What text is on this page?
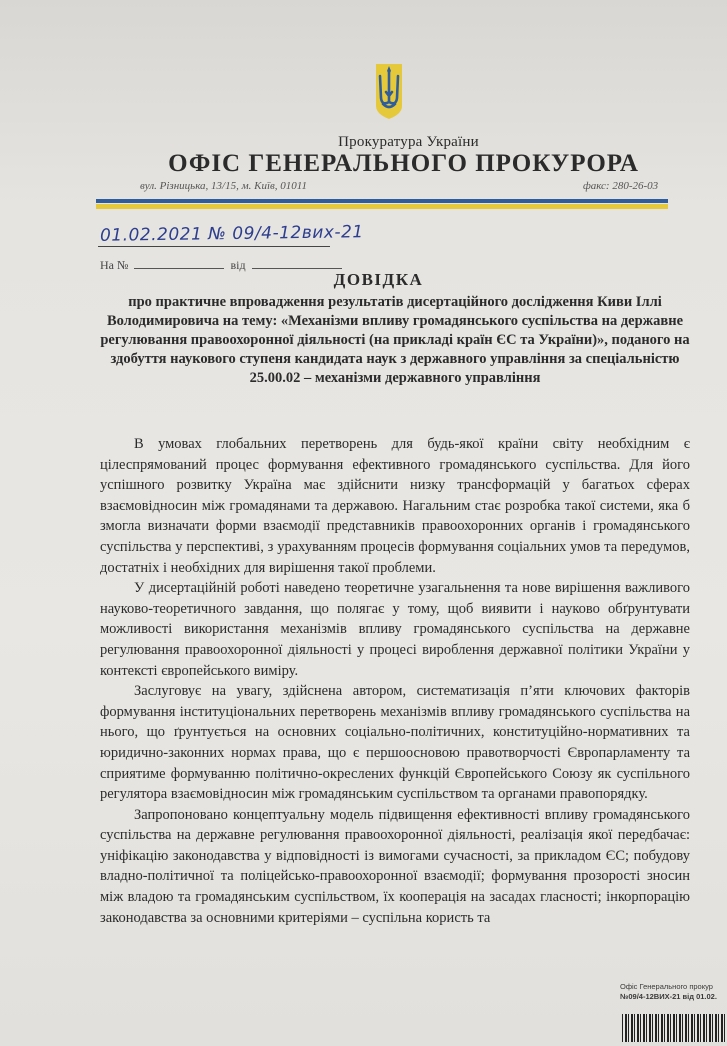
Прокуратура України
ОФІС ГЕНЕРАЛЬНОГО ПРОКУРОРА
вул. Різницька, 13/15, м. Київ, 01011	факс: 280-26-03
01.02.2021 № 09/4-12вих-21
На №	від
ДОВІДКА
про практичне впровадження результатів дисертаційного дослідження Киви Іллі Володимировича на тему: «Механізми впливу громадянського суспільства на державне регулювання правоохоронної діяльності (на прикладі країн ЄС та України)», поданого на здобуття наукового ступеня кандидата наук з державного управління за спеціальністю 25.00.02 – механізми державного управління

В умовах глобальних перетворень для будь-якої країни світу необхідним є цілеспрямований процес формування ефективного громадянського суспільства. Для його успішного розвитку Україна має здійснити низку трансформацій у багатьох сферах взаємовідносин між громадянами та державою. Нагальним стає розробка такої системи, яка б змогла визначати форми взаємодії представників правоохоронних органів і громадянського суспільства у перспективі, з урахуванням процесів формування соціальних умов та передумов, достатніх і необхідних для вирішення такої проблеми.

У дисертаційній роботі наведено теоретичне узагальнення та нове вирішення важливого науково-теоретичного завдання, що полягає у тому, щоб виявити і науково обґрунтувати можливості використання механізмів впливу громадянського суспільства на державне регулювання правоохоронної діяльності у процесі вироблення державної політики України у контексті європейського виміру.

Заслуговує на увагу, здійснена автором, систематизація п’яти ключових факторів формування інституціональних перетворень механізмів впливу громадянського суспільства на нього, що ґрунтується на основних соціально-політичних, конституційно-нормативних та юридично-законних нормах права, що є першоосновою правотворчості Європарламенту та сприятиме формуванню політично-окреслених функцій Європейського Союзу як суспільного регулятора взаємовідносин між громадянським суспільством та органами правопорядку.

Запропоновано концептуальну модель підвищення ефективності впливу громадянського суспільства на державне регулювання правоохоронної діяльності, реалізація якої передбачає: уніфікацію законодавства у відповідності із вимогами сучасності, за прикладом ЄС; побудову владно-політичної та поліцейсько-правоохоронної взаємодії; формування прозорості зносин між владою та громадянським суспільством, їх кооперація на засадах гласності; інкорпорацію законодавства за основними критеріями – суспільна користь та

Офіс Генерального прокур
№09/4-12ВИХ-21 від 01.02.
